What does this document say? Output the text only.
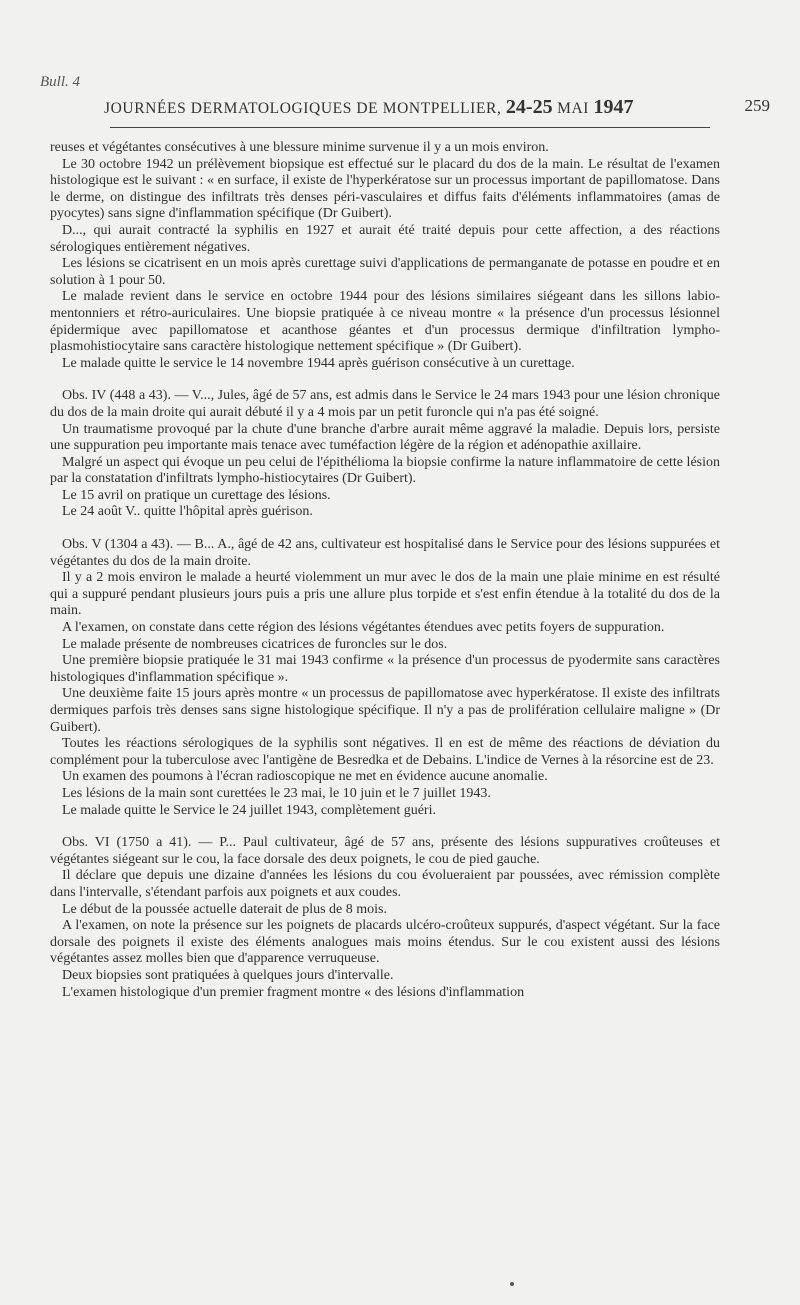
Bull. 4
JOURNÉES DERMATOLOGIQUES DE MONTPELLIER, 24-25 MAI 1947	259

reuses et végétantes consécutives à une blessure minime survenue il y a un mois environ.

Le 30 octobre 1942 un prélèvement biopsique est effectué sur le placard du dos de la main. Le résultat de l'examen histologique est le suivant : « en surface, il existe de l'hyperkératose sur un processus important de papillomatose. Dans le derme, on distingue des infiltrats très denses péri-vasculaires et diffus faits d'éléments inflammatoires (amas de pyocytes) sans signe d'inflammation spécifique (Dr Guibert).

D..., qui aurait contracté la syphilis en 1927 et aurait été traité depuis pour cette affection, a des réactions sérologiques entièrement négatives.

Les lésions se cicatrisent en un mois après curettage suivi d'applications de permanganate de potasse en poudre et en solution à 1 pour 50.

Le malade revient dans le service en octobre 1944 pour des lésions similaires siégeant dans les sillons labio-mentonniers et rétro-auriculaires. Une biopsie pratiquée à ce niveau montre « la présence d'un processus lésionnel épidermique avec papillomatose et acanthose géantes et d'un processus dermique d'infiltration lympho-plasmohistiocytaire sans caractère histologique nettement spécifique » (Dr Guibert).

Le malade quitte le service le 14 novembre 1944 après guérison consécutive à un curettage.

Obs. IV (448 a 43). — V..., Jules, âgé de 57 ans, est admis dans le Service le 24 mars 1943 pour une lésion chronique du dos de la main droite qui aurait débuté il y a 4 mois par un petit furoncle qui n'a pas été soigné.

Un traumatisme provoqué par la chute d'une branche d'arbre aurait même aggravé la maladie. Depuis lors, persiste une suppuration peu importante mais tenace avec tuméfaction légère de la région et adénopathie axillaire.

Malgré un aspect qui évoque un peu celui de l'épithélioma la biopsie confirme la nature inflammatoire de cette lésion par la constatation d'infiltrats lympho-histiocytaires (Dr Guibert).

Le 15 avril on pratique un curettage des lésions.

Le 24 août V.. quitte l'hôpital après guérison.

Obs. V (1304 a 43). — B... A., âgé de 42 ans, cultivateur est hospitalisé dans le Service pour des lésions suppurées et végétantes du dos de la main droite.

Il y a 2 mois environ le malade a heurté violemment un mur avec le dos de la main une plaie minime en est résulté qui a suppuré pendant plusieurs jours puis a pris une allure plus torpide et s'est enfin étendue à la totalité du dos de la main.

A l'examen, on constate dans cette région des lésions végétantes étendues avec petits foyers de suppuration.

Le malade présente de nombreuses cicatrices de furoncles sur le dos.

Une première biopsie pratiquée le 31 mai 1943 confirme « la présence d'un processus de pyodermite sans caractères histologiques d'inflammation spécifique ».

Une deuxième faite 15 jours après montre « un processus de papillomatose avec hyperkératose. Il existe des infiltrats dermiques parfois très denses sans signe histologique spécifique. Il n'y a pas de prolifération cellulaire maligne » (Dr Guibert).

Toutes les réactions sérologiques de la syphilis sont négatives. Il en est de même des réactions de déviation du complément pour la tuberculose avec l'antigène de Besredka et de Debains. L'indice de Vernes à la résorcine est de 23.

Un examen des poumons à l'écran radioscopique ne met en évidence aucune anomalie.

Les lésions de la main sont curettées le 23 mai, le 10 juin et le 7 juillet 1943.

Le malade quitte le Service le 24 juillet 1943, complètement guéri.

Obs. VI (1750 a 41). — P... Paul cultivateur, âgé de 57 ans, présente des lésions suppuratives croûteuses et végétantes siégeant sur le cou, la face dorsale des deux poignets, le cou de pied gauche.

Il déclare que depuis une dizaine d'années les lésions du cou évolueraient par poussées, avec rémission complète dans l'intervalle, s'étendant parfois aux poignets et aux coudes.

Le début de la poussée actuelle daterait de plus de 8 mois.

A l'examen, on note la présence sur les poignets de placards ulcéro-croûteux suppurés, d'aspect végétant. Sur la face dorsale des poignets il existe des éléments analogues mais moins étendus. Sur le cou existent aussi des lésions végétantes assez molles bien que d'apparence verruqueuse.

Deux biopsies sont pratiquées à quelques jours d'intervalle.

L'examen histologique d'un premier fragment montre « des lésions d'inflammation
